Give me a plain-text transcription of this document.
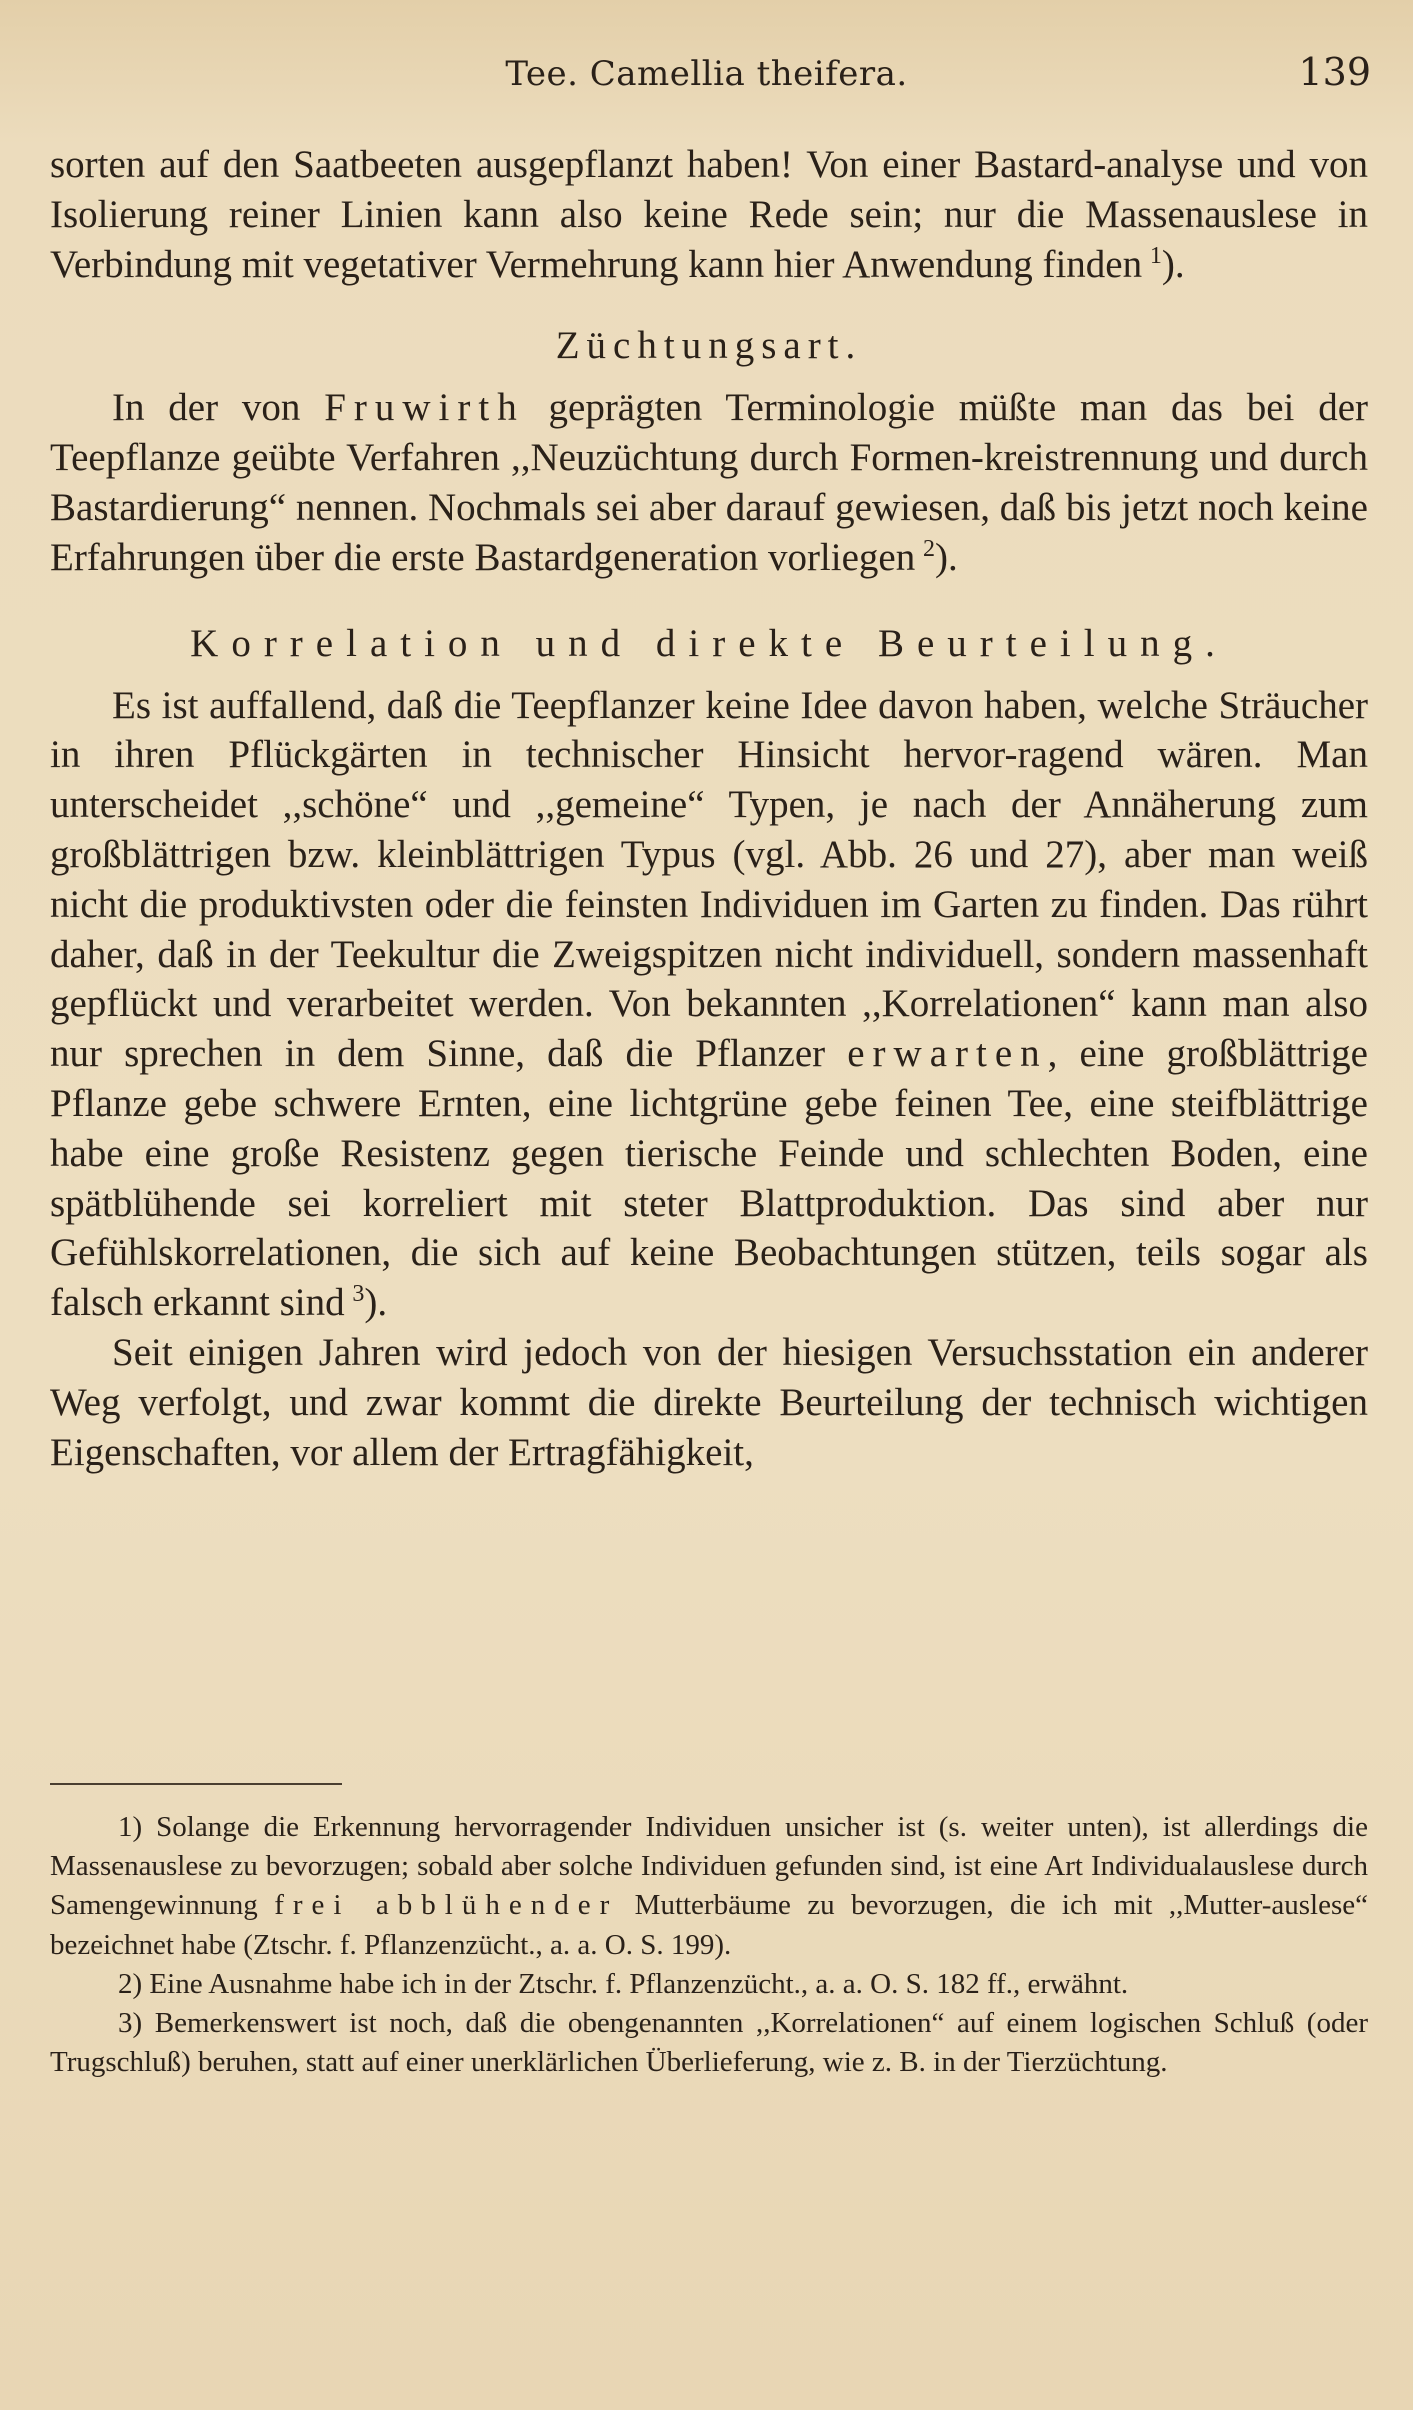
Tee. Camellia theifera.	139

sorten auf den Saatbeeten ausgepflanzt haben! Von einer Bastard-analyse und von Isolierung reiner Linien kann also keine Rede sein; nur die Massenauslese in Verbindung mit vegetativer Vermehrung kann hier Anwendung finden  $^1$).

Züchtungsart.

In der von Fruwirth geprägten Terminologie müßte man das bei der Teepflanze geübte Verfahren ,,Neuzüchtung durch Formen-kreistrennung und durch Bastardierung“ nennen. Nochmals sei aber darauf gewiesen, daß bis jetzt noch keine Erfahrungen über die erste Bastardgeneration vorliegen  $^2$).

Korrelation und direkte Beurteilung.

Es ist auffallend, daß die Teepflanzer keine Idee davon haben, welche Sträucher in ihren Pflückgärten in technischer Hinsicht hervor-ragend wären. Man unterscheidet ,,schöne“ und ,,gemeine“ Typen, je nach der Annäherung zum großblättrigen bzw. kleinblättrigen Typus (vgl. Abb. 26 und 27), aber man weiß nicht die produktivsten oder die feinsten Individuen im Garten zu finden. Das rührt daher, daß in der Teekultur die Zweigspitzen nicht individuell, sondern massenhaft gepflückt und verarbeitet werden. Von bekannten ,,Korrelationen“ kann man also nur sprechen in dem Sinne, daß die Pflanzer erwarten, eine großblättrige Pflanze gebe schwere Ernten, eine lichtgrüne gebe feinen Tee, eine steifblättrige habe eine große Resistenz gegen tierische Feinde und schlechten Boden, eine spätblühende sei korreliert mit steter Blattproduktion. Das sind aber nur Gefühlskorrelationen, die sich auf keine Beobachtungen stützen, teils sogar als falsch erkannt sind  $^3$).

Seit einigen Jahren wird jedoch von der hiesigen Versuchsstation ein anderer Weg verfolgt, und zwar kommt die direkte Beurteilung der technisch wichtigen Eigenschaften, vor allem der Ertragfähigkeit,

1) Solange die Erkennung hervorragender Individuen unsicher ist (s. weiter unten), ist allerdings die Massenauslese zu bevorzugen; sobald aber solche Individuen gefunden sind, ist eine Art Individualauslese durch Samengewinnung frei abblühender Mutterbäume zu bevorzugen, die ich mit ,,Mutter-auslese“ bezeichnet habe (Ztschr. f. Pflanzenzücht., a. a. O. S. 199).

2) Eine Ausnahme habe ich in der Ztschr. f. Pflanzenzücht., a. a. O. S. 182 ff., erwähnt.

3) Bemerkenswert ist noch, daß die obengenannten ,,Korrelationen“ auf einem logischen Schluß (oder Trugschluß) beruhen, statt auf einer unerklärlichen Überlieferung, wie z. B. in der Tierzüchtung.
